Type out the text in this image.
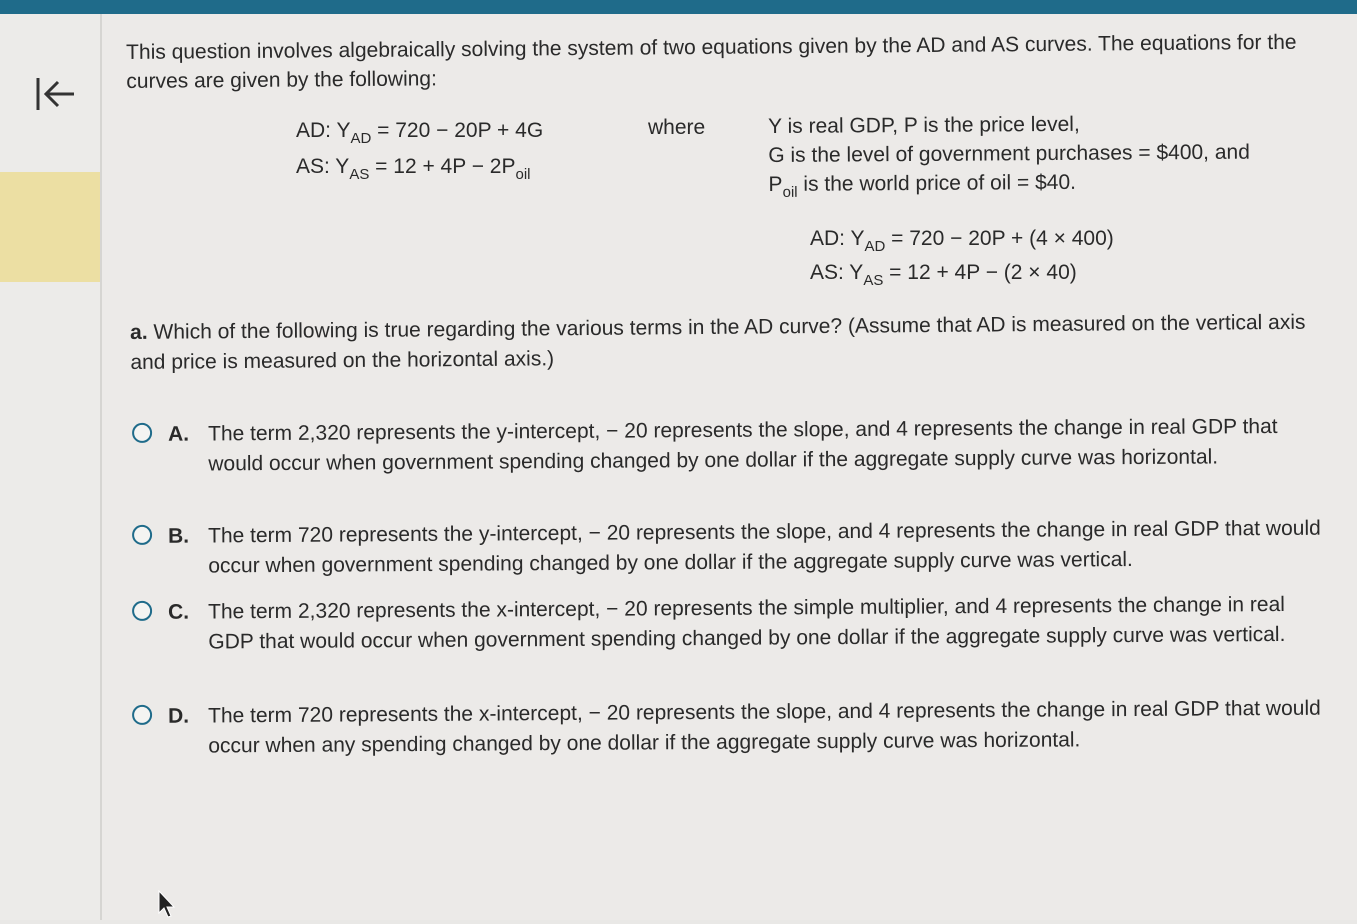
This question involves algebraically solving the system of two equations given by the AD and AS curves. The equations for the curves are given by the following:
AD: $Y_{AD} = 720 - 20P + 4G$
AS: $Y_{AS} = 12 + 4P - 2P_{oil}$
where	Y is real GDP, P is the price level,
G is the level of government purchases = $400, and
$P_{oil}$ is the world price of oil = $40.
AD: $Y_{AD} = 720 - 20P + (4 \times 400)$
AS: $Y_{AS} = 12 + 4P - (2 \times 40)$
a. Which of the following is true regarding the various terms in the AD curve? (Assume that AD is measured on the vertical axis and price is measured on the horizontal axis.)
A. The term 2,320 represents the y-intercept, − 20 represents the slope, and 4 represents the change in real GDP that would occur when government spending changed by one dollar if the aggregate supply curve was horizontal.
B. The term 720 represents the y-intercept, − 20 represents the slope, and 4 represents the change in real GDP that would occur when government spending changed by one dollar if the aggregate supply curve was vertical.
C. The term 2,320 represents the x-intercept, − 20 represents the simple multiplier, and 4 represents the change in real GDP that would occur when government spending changed by one dollar if the aggregate supply curve was vertical.
D. The term 720 represents the x-intercept, − 20 represents the slope, and 4 represents the change in real GDP that would occur when any spending changed by one dollar if the aggregate supply curve was horizontal.
